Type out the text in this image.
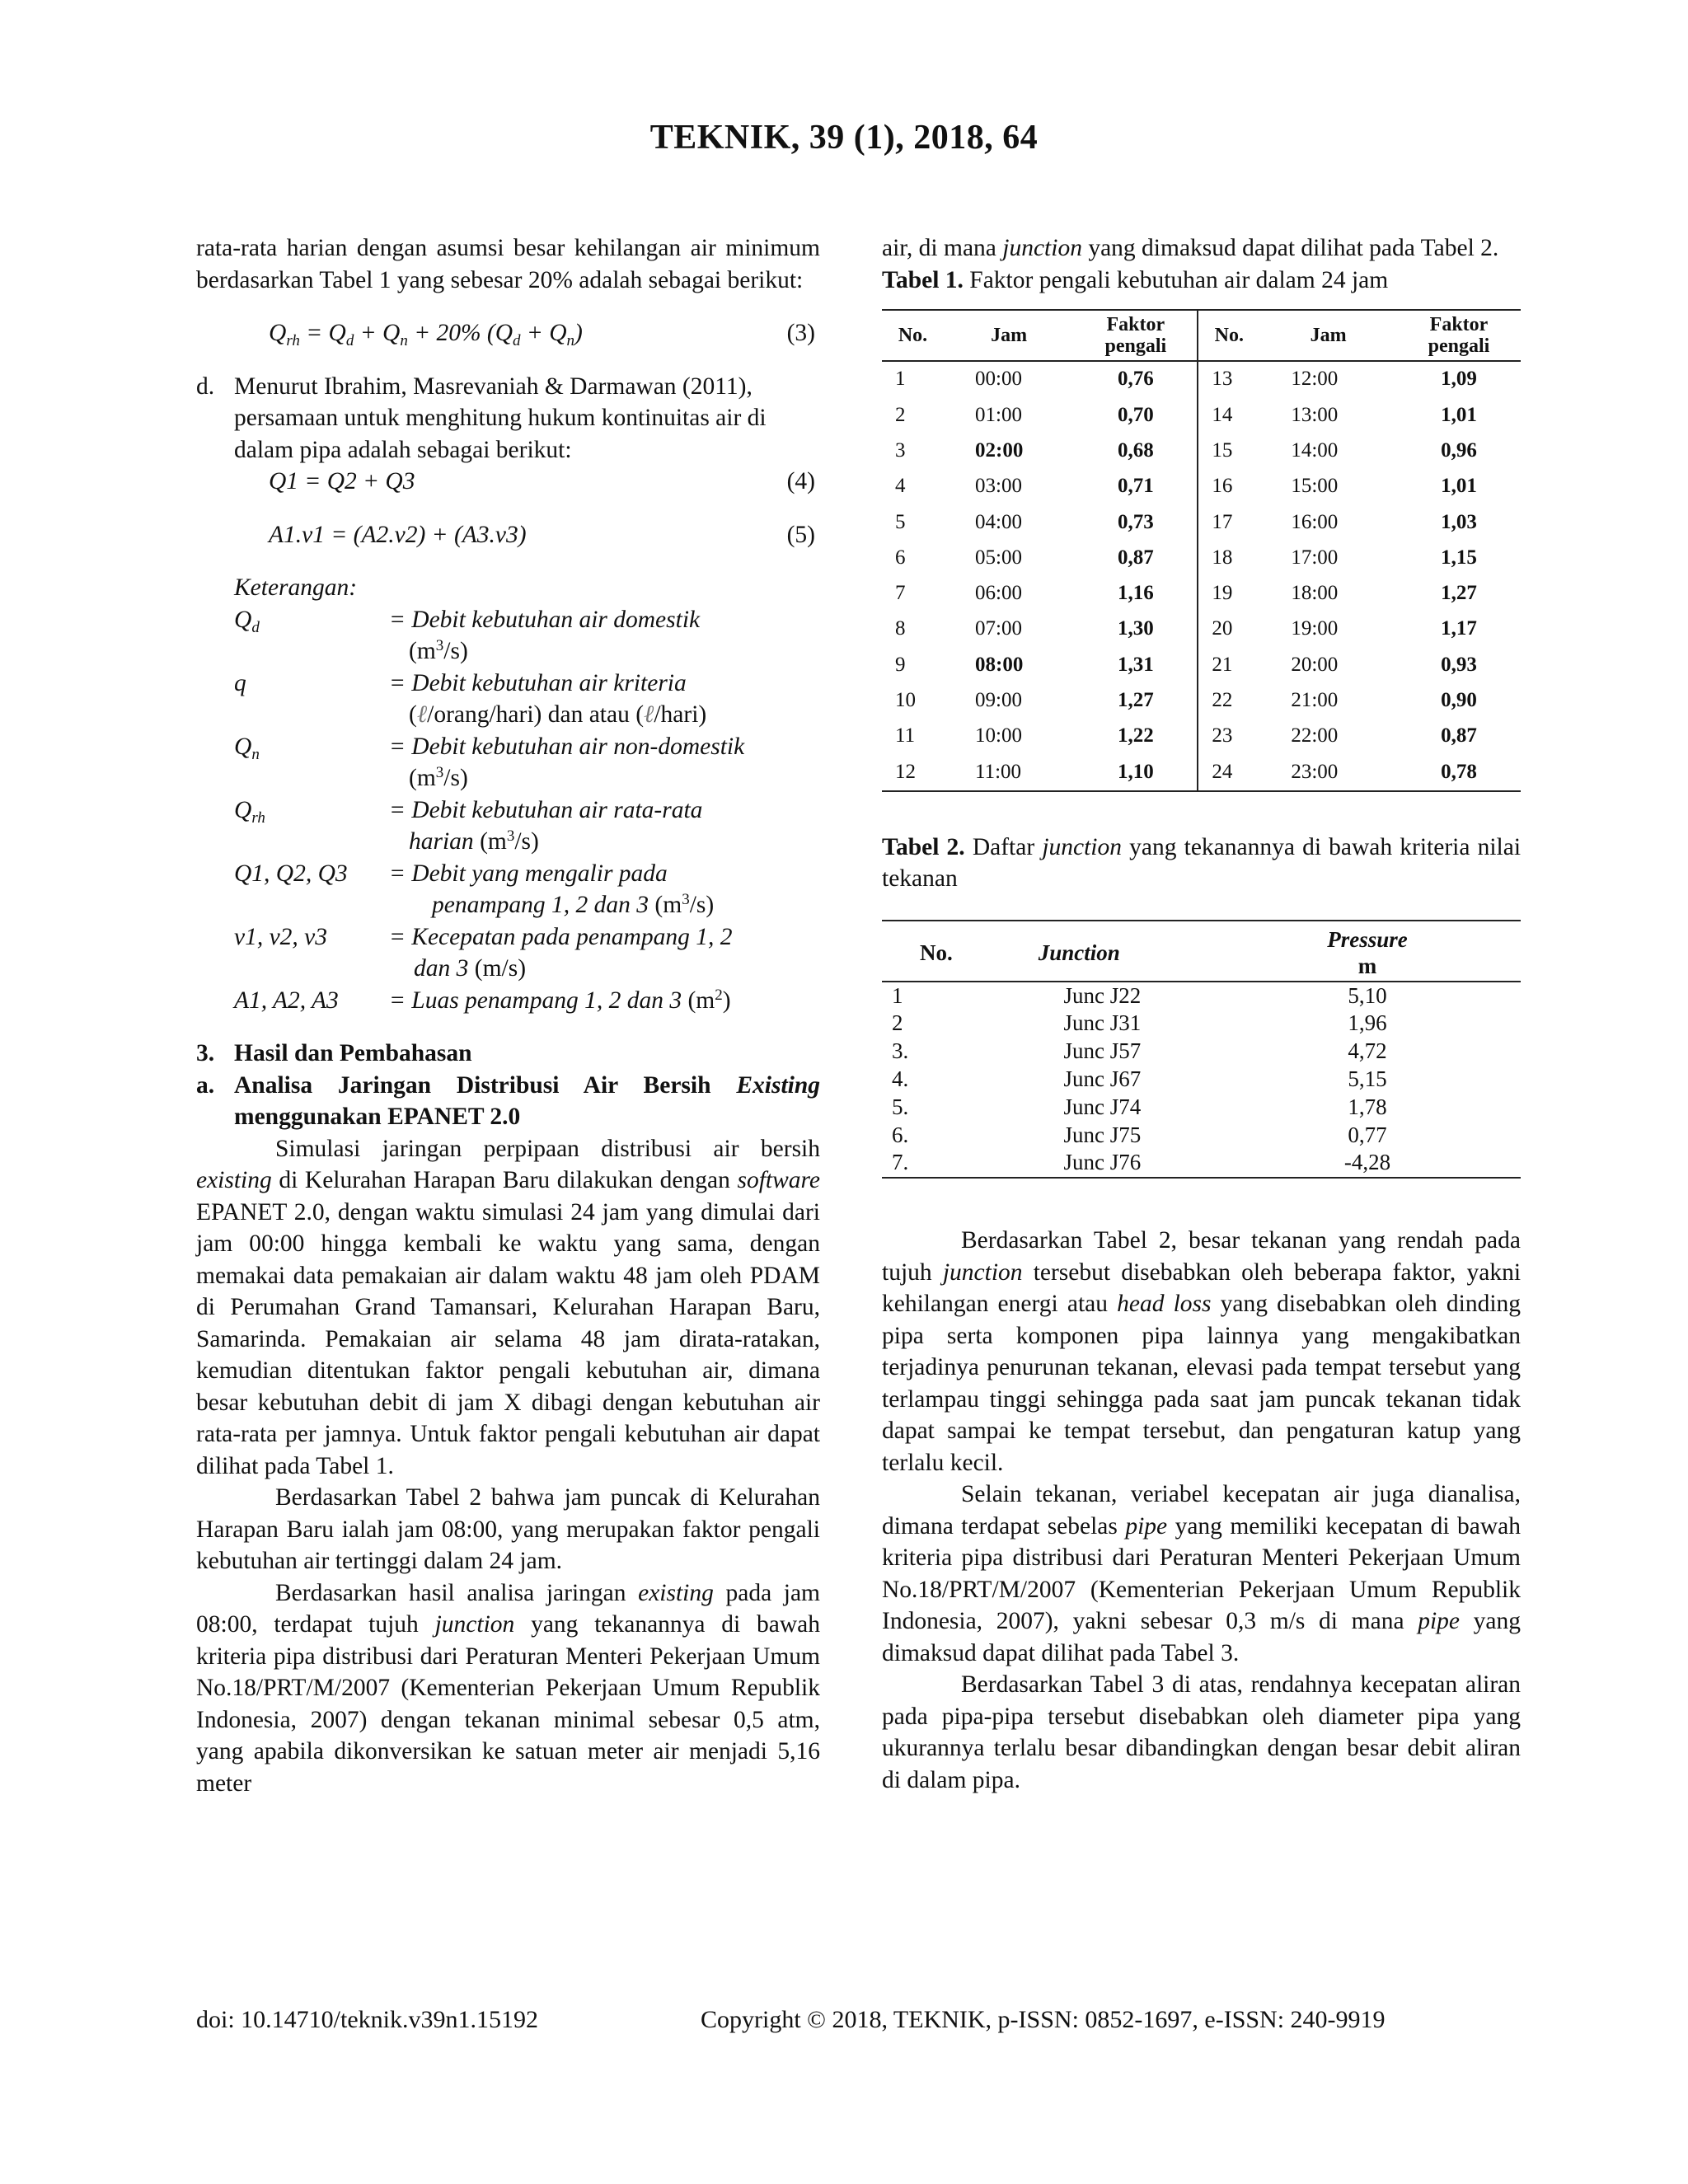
TEKNIK, 39 (1), 2018, 64

rata-rata harian dengan asumsi besar kehilangan air minimum berdasarkan Tabel 1 yang sebesar 20% adalah sebagai berikut:

$Q_{rh} = Q_d + Q_n + 20\%$ $(Q_d + Q_n)$	(3)
d. Menurut Ibrahim, Masrevaniah & Darmawan (2011), persamaan untuk menghitung hukum kontinuitas air di dalam pipa adalah sebagai berikut:

Q1 = Q2 + Q3	(4)
A1.v1 = (A2.v2) + (A3.v3)	(5)
Keterangan:
$Q_d$	= Debit kebutuhan air domestik
$(m^3/s)$
q	= Debit kebutuhan air kriteria
(ℓ/orang/hari) dan atau (ℓ/hari)
$Q_n$	= Debit kebutuhan air non-domestik
$(m^3/s)$
$Q_{rh}$	= Debit kebutuhan air rata-rata
harian $(m^3/s)$
Q1, Q2, Q3	= Debit yang mengalir pada
penampang 1, 2 dan 3 $(m^3/s)$
v1, v2, v3	= Kecepatan pada penampang 1, 2
dan 3 (m/s)
A1, A2, A3	= Luas penampang 1, 2 dan 3 $(m^2)$
3. Hasil dan Pembahasan
a. Analisa Jaringan Distribusi Air Bersih Existing menggunakan EPANET 2.0

Simulasi jaringan perpipaan distribusi air bersih existing di Kelurahan Harapan Baru dilakukan dengan software EPANET 2.0, dengan waktu simulasi 24 jam yang dimulai dari jam 00:00 hingga kembali ke waktu yang sama, dengan memakai data pemakaian air dalam waktu 48 jam oleh PDAM di Perumahan Grand Tamansari, Kelurahan Harapan Baru, Samarinda. Pemakaian air selama 48 jam dirata-ratakan, kemudian ditentukan faktor pengali kebutuhan air, dimana besar kebutuhan debit di jam X dibagi dengan kebutuhan air rata-rata per jamnya. Untuk faktor pengali kebutuhan air dapat dilihat pada Tabel 1.

Berdasarkan Tabel 2 bahwa jam puncak di Kelurahan Harapan Baru ialah jam 08:00, yang merupakan faktor pengali kebutuhan air tertinggi dalam 24 jam.

Berdasarkan hasil analisa jaringan existing pada jam 08:00, terdapat tujuh junction yang tekanannya di bawah kriteria pipa distribusi dari Peraturan Menteri Pekerjaan Umum No.18/PRT/M/2007 (Kementerian Pekerjaan Umum Republik Indonesia, 2007) dengan tekanan minimal sebesar 0,5 atm, yang apabila dikonversikan ke satuan meter air menjadi 5,16 meter

air, di mana junction yang dimaksud dapat dilihat pada Tabel 2.

Tabel 1. Faktor pengali kebutuhan air dalam 24 jam
No.	Jam	Faktor pengali	No.	Jam	Faktor pengali
1	00:00	0,76	13	12:00	1,09
2	01:00	0,70	14	13:00	1,01
3	02:00	0,68	15	14:00	0,96
4	03:00	0,71	16	15:00	1,01
5	04:00	0,73	17	16:00	1,03
6	05:00	0,87	18	17:00	1,15
7	06:00	1,16	19	18:00	1,27
8	07:00	1,30	20	19:00	1,17
9	08:00	1,31	21	20:00	0,93
10	09:00	1,27	22	21:00	0,90
11	10:00	1,22	23	22:00	0,87
12	11:00	1,10	24	23:00	0,78

Tabel 2. Daftar junction yang tekanannya di bawah kriteria nilai tekanan

No.	Junction	Pressure
m
1	Junc J22	5,10
2	Junc J31	1,96
3.	Junc J57	4,72
4.	Junc J67	5,15
5.	Junc J74	1,78
6.	Junc J75	0,77
7.	Junc J76	-4,28

Berdasarkan Tabel 2, besar tekanan yang rendah pada tujuh junction tersebut disebabkan oleh beberapa faktor, yakni kehilangan energi atau head loss yang disebabkan oleh dinding pipa serta komponen pipa lainnya yang mengakibatkan terjadinya penurunan tekanan, elevasi pada tempat tersebut yang terlampau tinggi sehingga pada saat jam puncak tekanan tidak dapat sampai ke tempat tersebut, dan pengaturan katup yang terlalu kecil.

Selain tekanan, veriabel kecepatan air juga dianalisa, dimana terdapat sebelas pipe yang memiliki kecepatan di bawah kriteria pipa distribusi dari Peraturan Menteri Pekerjaan Umum No.18/PRT/M/2007 (Kementerian Pekerjaan Umum Republik Indonesia, 2007), yakni sebesar 0,3 m/s di mana pipe yang dimaksud dapat dilihat pada Tabel 3.

Berdasarkan Tabel 3 di atas, rendahnya kecepatan aliran pada pipa-pipa tersebut disebabkan oleh diameter pipa yang ukurannya terlalu besar dibandingkan dengan besar debit aliran di dalam pipa.

doi: 10.14710/teknik.v39n1.15192	Copyright © 2018, TEKNIK, p-ISSN: 0852-1697, e-ISSN: 240-9919
